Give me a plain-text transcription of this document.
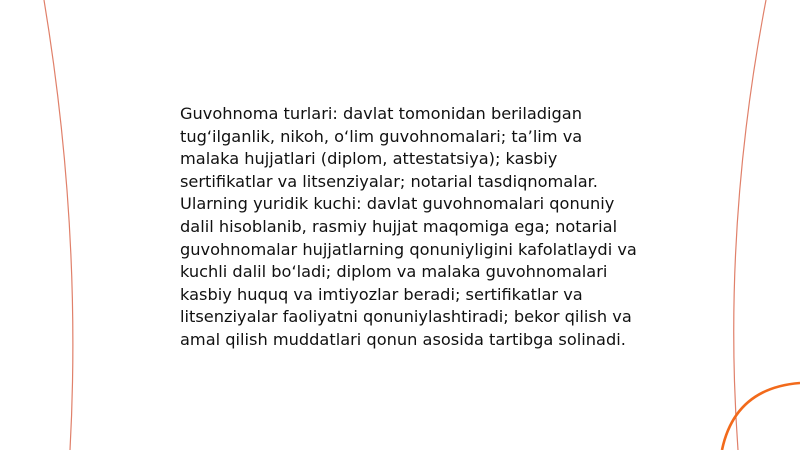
Guvohnoma turlari: davlat tomonidan beriladigan tug‘ilganlik, nikoh, o‘lim guvohnomalari; ta’lim va malaka hujjatlari (diplom, attestatsiya); kasbiy sertifikatlar va litsenziyalar; notarial tasdiqnomalar. Ularning yuridik kuchi: davlat guvohnomalari qonuniy dalil hisoblanib, rasmiy hujjat maqomiga ega; notarial guvohnomalar hujjatlarning qonuniyligini kafolatlaydi va kuchli dalil bo‘ladi; diplom va malaka guvohnomalari kasbiy huquq va imtiyozlar beradi; sertifikatlar va litsenziyalar faoliyatni qonuniylashtiradi; bekor qilish va amal qilish muddatlari qonun asosida tartibga solinadi.
